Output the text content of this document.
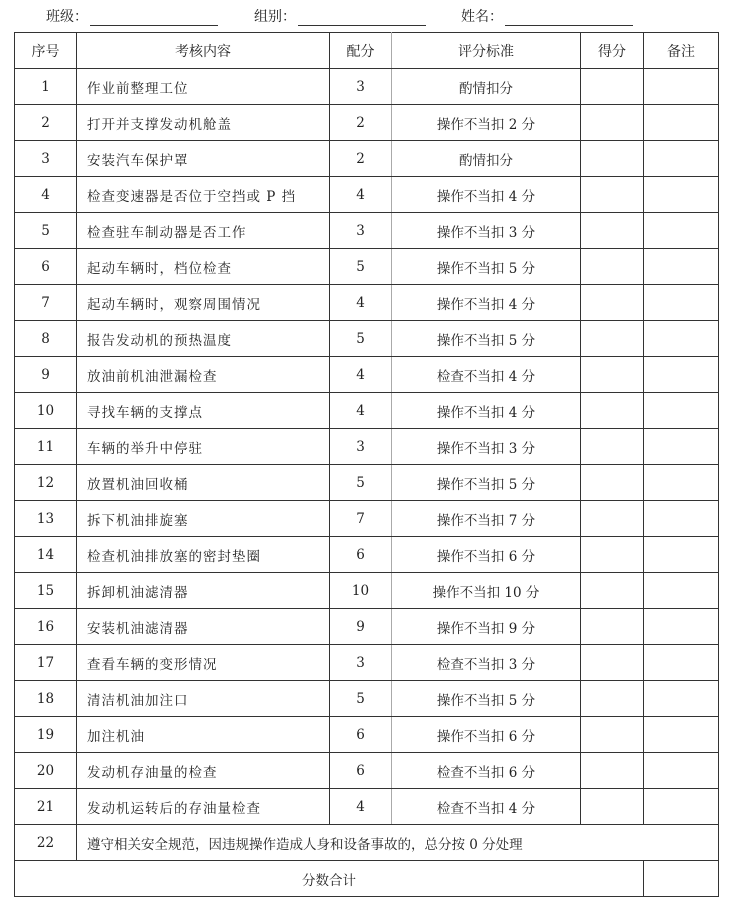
班级：	组别：	姓名：
序号	考核内容	配分	评分标准	得分	备注
1	作业前整理工位	3	酌情扣分		
2	打开并支撑发动机舱盖	2	操作不当扣 2 分		
3	安装汽车保护罩	2	酌情扣分		
4	检查变速器是否位于空挡或 P 挡	4	操作不当扣 4 分		
5	检查驻车制动器是否工作	3	操作不当扣 3 分		
6	起动车辆时，档位检查	5	操作不当扣 5 分		
7	起动车辆时，观察周围情况	4	操作不当扣 4 分		
8	报告发动机的预热温度	5	操作不当扣 5 分		
9	放油前机油泄漏检查	4	检查不当扣 4 分		
10	寻找车辆的支撑点	4	操作不当扣 4 分		
11	车辆的举升中停驻	3	操作不当扣 3 分		
12	放置机油回收桶	5	操作不当扣 5 分		
13	拆下机油排旋塞	7	操作不当扣 7 分		
14	检查机油排放塞的密封垫圈	6	操作不当扣 6 分		
15	拆卸机油滤清器	10	操作不当扣 10 分		
16	安装机油滤清器	9	操作不当扣 9 分		
17	查看车辆的变形情况	3	检查不当扣 3 分		
18	清洁机油加注口	5	操作不当扣 5 分		
19	加注机油	6	操作不当扣 6 分		
20	发动机存油量的检查	6	检查不当扣 6 分		
21	发动机运转后的存油量检查	4	检查不当扣 4 分		
22	遵守相关安全规范，因违规操作造成人身和设备事故的，总分按 0 分处理				
分数合计					
